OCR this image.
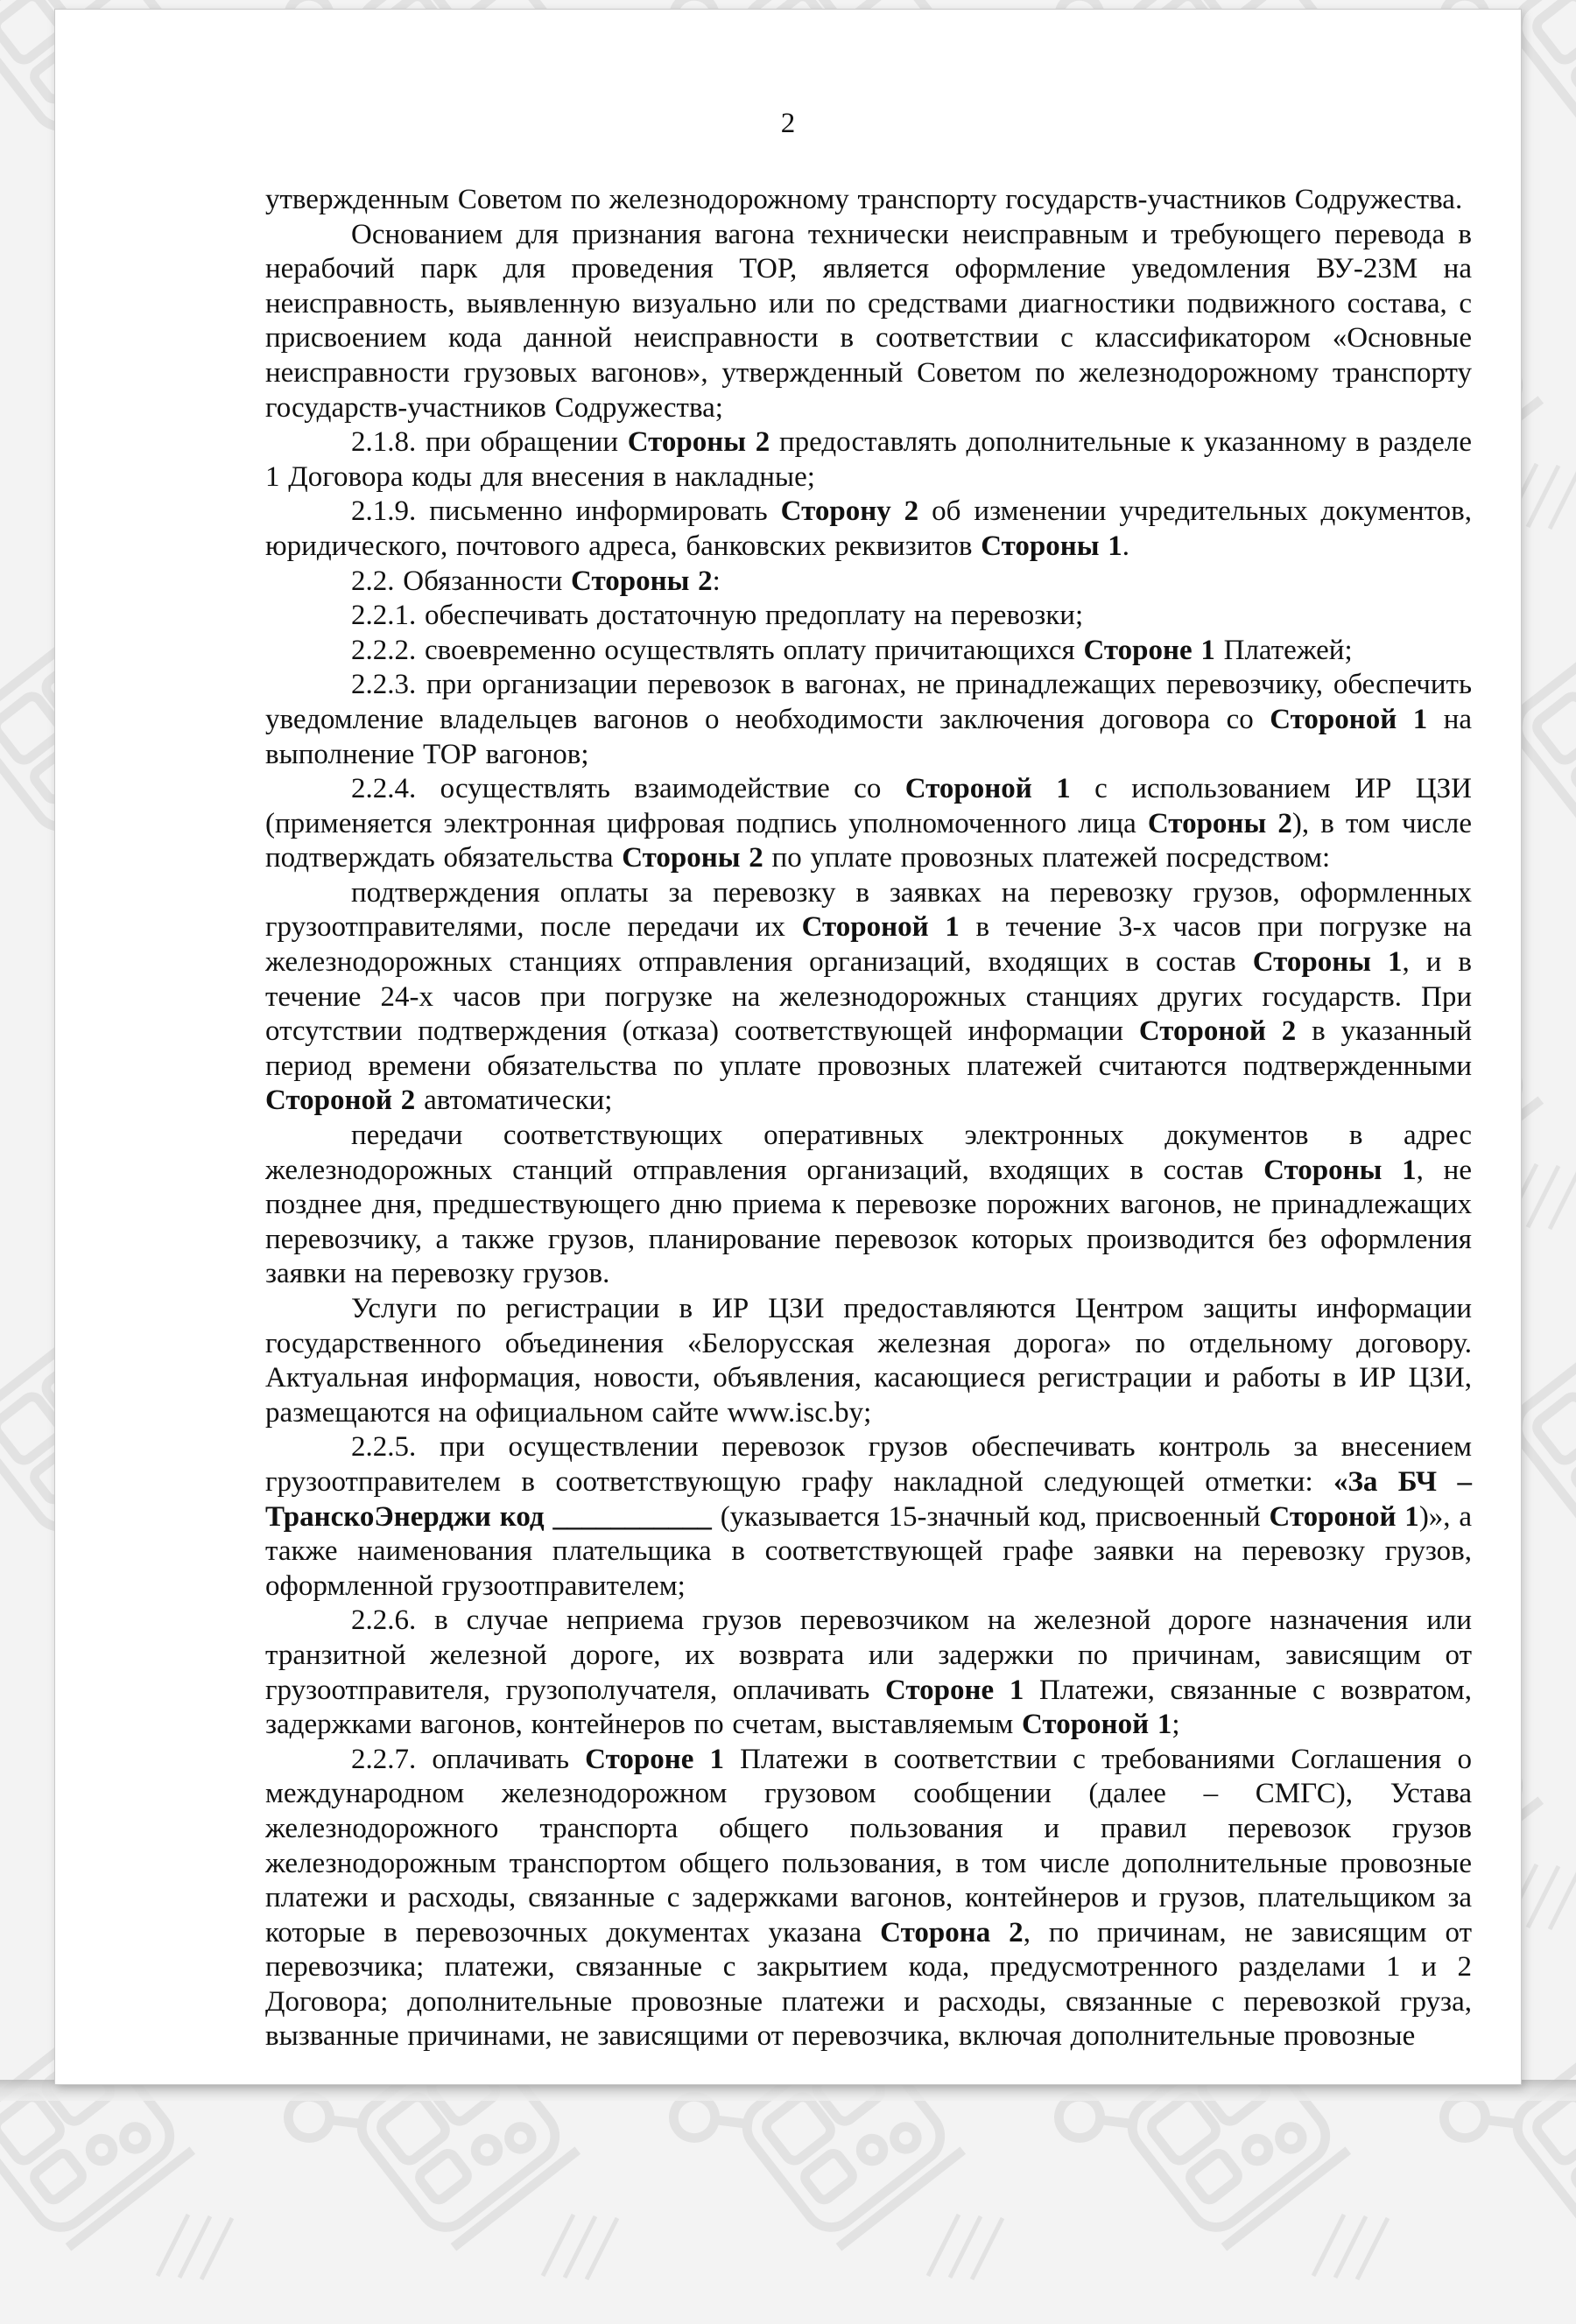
2

утвержденным Советом по железнодорожному транспорту государств-участников Содружества.

Основанием для признания вагона технически неисправным и требующего перевода в нерабочий парк для проведения ТОР, является оформление уведомления ВУ-23М на неисправность, выявленную визуально или по средствами диагностики подвижного состава, с присвоением кода данной неисправности в соответствии с классификатором «Основные неисправности грузовых вагонов», утвержденный Советом по железнодорожному транспорту государств-участников Содружества;

2.1.8. при обращении Стороны 2 предоставлять дополнительные к указанному в разделе 1 Договора коды для внесения в накладные;

2.1.9. письменно информировать Сторону 2 об изменении учредительных документов, юридического, почтового адреса, банковских реквизитов Стороны 1.

2.2. Обязанности Стороны 2:

2.2.1. обеспечивать достаточную предоплату на перевозки;

2.2.2. своевременно осуществлять оплату причитающихся Стороне 1 Платежей;

2.2.3. при организации перевозок в вагонах, не принадлежащих перевозчику, обеспечить уведомление владельцев вагонов о необходимости заключения договора со Стороной 1 на выполнение ТОР вагонов;

2.2.4. осуществлять взаимодействие со Стороной 1 с использованием ИР ЦЗИ (применяется электронная цифровая подпись уполномоченного лица Стороны 2), в том числе подтверждать обязательства Стороны 2 по уплате провозных платежей посредством:

подтверждения оплаты за перевозку в заявках на перевозку грузов, оформленных грузоотправителями, после передачи их Стороной 1 в течение 3-х часов при погрузке на железнодорожных станциях отправления организаций, входящих в состав Стороны 1, и в течение 24-х часов при погрузке на железнодорожных станциях других государств. При отсутствии подтверждения (отказа) соответствующей информации Стороной 2 в указанный период времени обязательства по уплате провозных платежей считаются подтвержденными Стороной 2 автоматически;

передачи соответствующих оперативных электронных документов в адрес железнодорожных станций отправления организаций, входящих в состав Стороны 1, не позднее дня, предшествующего дню приема к перевозке порожних вагонов, не принадлежащих перевозчику, а также грузов, планирование перевозок которых производится без оформления заявки на перевозку грузов.

Услуги по регистрации в ИР ЦЗИ предоставляются Центром защиты информации государственного объединения «Белорусская железная дорога» по отдельному договору. Актуальная информация, новости, объявления, касающиеся регистрации и работы в ИР ЦЗИ, размещаются на официальном сайте www.isc.by;

2.2.5. при осуществлении перевозок грузов обеспечивать контроль за внесением грузоотправителем в соответствующую графу накладной следующей отметки: «За БЧ – ТранскоЭнерджи код ___________ (указывается 15-значный код, присвоенный Стороной 1)», а также наименования плательщика в соответствующей графе заявки на перевозку грузов, оформленной грузоотправителем;

2.2.6. в случае неприема грузов перевозчиком на железной дороге назначения или транзитной железной дороге, их возврата или задержки по причинам, зависящим от грузоотправителя, грузополучателя, оплачивать Стороне 1 Платежи, связанные с возвратом, задержками вагонов, контейнеров по счетам, выставляемым Стороной 1;

2.2.7. оплачивать Стороне 1 Платежи в соответствии с требованиями Соглашения о международном железнодорожном грузовом сообщении (далее – СМГС), Устава железнодорожного транспорта общего пользования и правил перевозок грузов железнодорожным транспортом общего пользования, в том числе дополнительные провозные платежи и расходы, связанные с задержками вагонов, контейнеров и грузов, плательщиком за которые в перевозочных документах указана Сторона 2, по причинам, не зависящим от перевозчика; платежи, связанные с закрытием кода, предусмотренного разделами 1 и 2 Договора; дополнительные провозные платежи и расходы, связанные с перевозкой груза, вызванные причинами, не зависящими от перевозчика, включая дополнительные провозные
